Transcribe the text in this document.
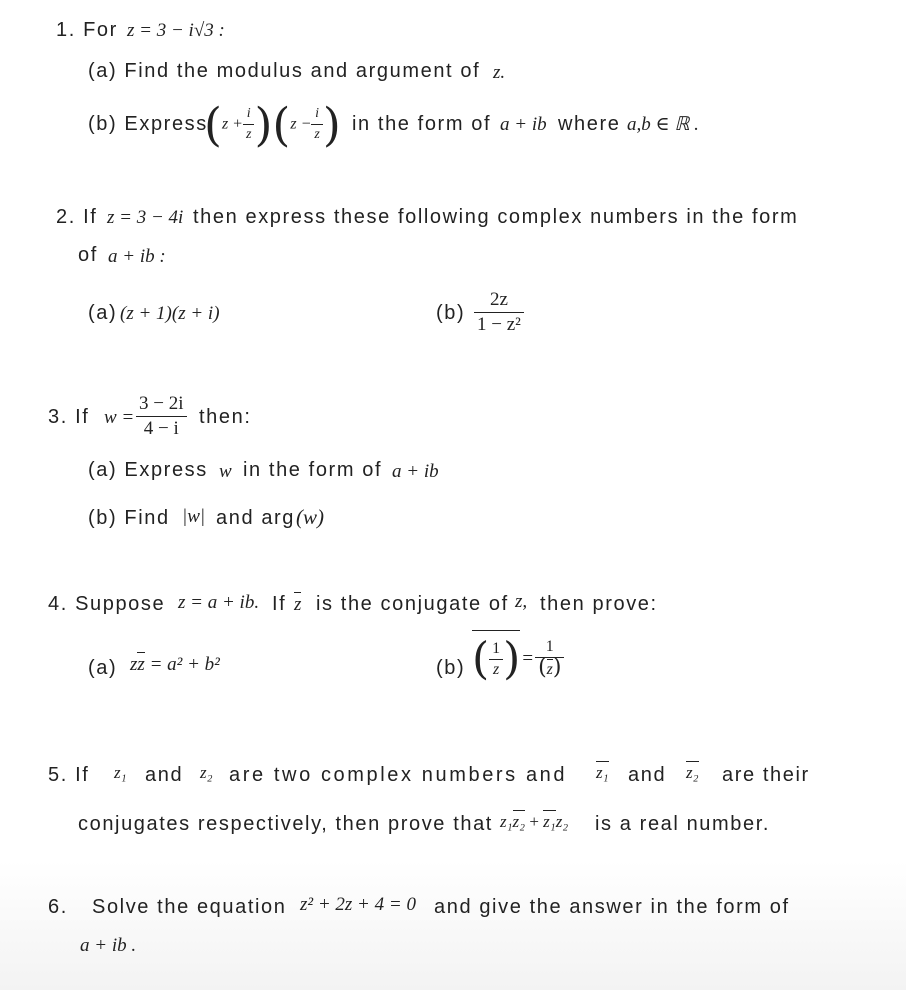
1. For z = 3 − i√3 :
(a) Find the modulus and argument of z.
(b) Express
$(z + \frac{i}{z} )(z - \frac{i}{z}$ ) in the form of a + ib where a,b ∈ ℝ .
2. If z = 3 − 4i then express these following complex numbers in the form
of a + ib :
(a) (z + 1)(z + i)	$(b) \frac{2z}{\text{1 − z²}}$
3. If $w = \frac{3 - 2i}{4 - i}$ then:
(a) Express w in the form of a + ib
(b) Find |w| and arg (w)
4. Suppose z = a + ib. If z is the conjugate of z, then prove:
(a) zz = a² + b²	(b) ( $\frac{1}{z}$ ) = $\frac{1}{(z)}$
5. If z₁ and z₂ are two complex numbers and z₁ and z₂ are their
conjugates respectively, then prove that z₁z₂ + z₁z₂ is a real number.
6. Solve the equation z² + 2z + 4 = 0 and give the answer in the form of
a + ib .
